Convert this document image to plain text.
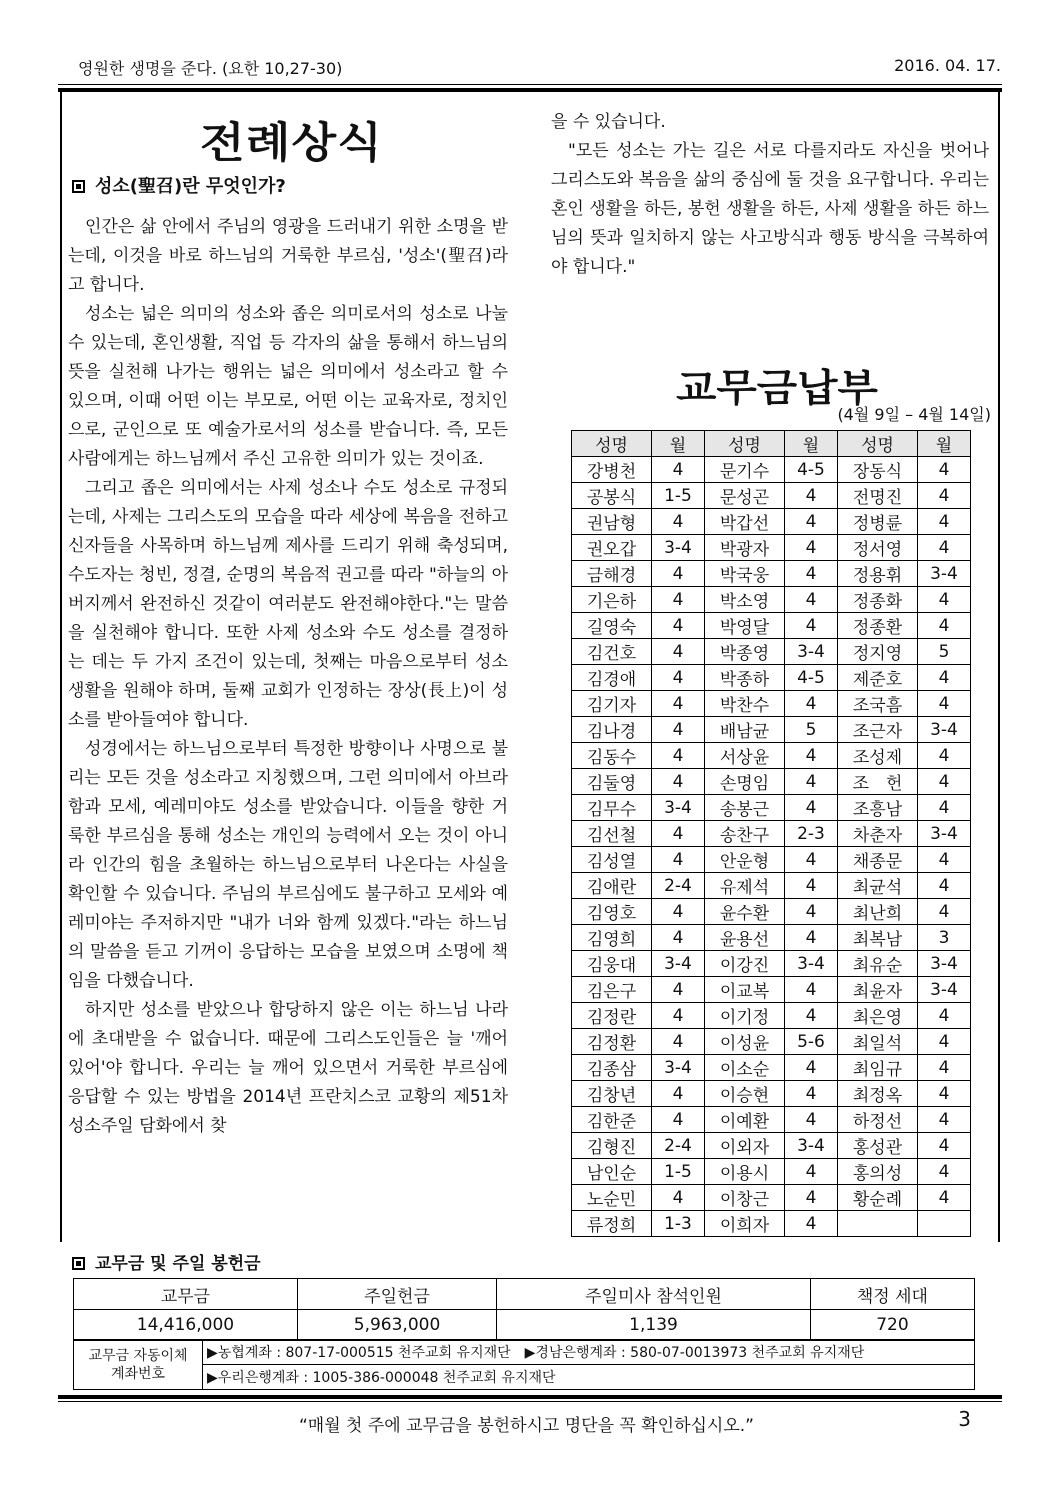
영원한 생명을 준다. (요한 10,27-30)	2016. 04. 17.
전례상식
성소(聖召)란 무엇인가?

인간은 삶 안에서 주님의 영광을 드러내기 위한 소명을 받는데, 이것을 바로 하느님의 거룩한 부르심, '성소'(聖召)라고 합니다.

성소는 넓은 의미의 성소와 좁은 의미로서의 성소로 나눌 수 있는데, 혼인생활, 직업 등 각자의 삶을 통해서 하느님의 뜻을 실천해 나가는 행위는 넓은 의미에서 성소라고 할 수 있으며, 이때 어떤 이는 부모로, 어떤 이는 교육자로, 정치인으로, 군인으로 또 예술가로서의 성소를 받습니다. 즉, 모든 사람에게는 하느님께서 주신 고유한 의미가 있는 것이죠.

그리고 좁은 의미에서는 사제 성소나 수도 성소로 규정되는데, 사제는 그리스도의 모습을 따라 세상에 복음을 전하고 신자들을 사목하며 하느님께 제사를 드리기 위해 축성되며, 수도자는 청빈, 정결, 순명의 복음적 권고를 따라 "하늘의 아버지께서 완전하신 것같이 여러분도 완전해야한다."는 말씀을 실천해야 합니다. 또한 사제 성소와 수도 성소를 결정하는 데는 두 가지 조건이 있는데, 첫째는 마음으로부터 성소 생활을 원해야 하며, 둘째 교회가 인정하는 장상(長上)이 성소를 받아들여야 합니다.

성경에서는 하느님으로부터 특정한 방향이나 사명으로 불리는 모든 것을 성소라고 지칭했으며, 그런 의미에서 아브라함과 모세, 예레미야도 성소를 받았습니다. 이들을 향한 거룩한 부르심을 통해 성소는 개인의 능력에서 오는 것이 아니라 인간의 힘을 초월하는 하느님으로부터 나온다는 사실을 확인할 수 있습니다. 주님의 부르심에도 불구하고 모세와 예레미야는 주저하지만 "내가 너와 함께 있겠다."라는 하느님의 말씀을 듣고 기꺼이 응답하는 모습을 보였으며 소명에 책임을 다했습니다.

하지만 성소를 받았으나 합당하지 않은 이는 하느님 나라에 초대받을 수 없습니다. 때문에 그리스도인들은 늘 '깨어 있어'야 합니다. 우리는 늘 깨어 있으면서 거룩한 부르심에 응답할 수 있는 방법을 2014년 프란치스코 교황의 제51차 성소주일 담화에서 찾

을 수 있습니다.

"모든 성소는 가는 길은 서로 다를지라도 자신을 벗어나 그리스도와 복음을 삶의 중심에 둘 것을 요구합니다. 우리는 혼인 생활을 하든, 봉헌 생활을 하든, 사제 생활을 하든 하느님의 뜻과 일치하지 않는 사고방식과 행동 방식을 극복하여야 합니다."

교무금납부
(4월 9일 – 4월 14일)
성명	월	성명	월	성명	월
강병천	4	문기수	4-5	장동식	4
공봉식	1-5	문성곤	4	전명진	4
권남형	4	박갑선	4	정병륜	4
권오갑	3-4	박광자	4	정서영	4
금해경	4	박국웅	4	정용휘	3-4
기은하	4	박소영	4	정종화	4
길영숙	4	박영달	4	정종환	4
김건호	4	박종영	3-4	정지영	5
김경애	4	박종하	4-5	제준호	4
김기자	4	박찬수	4	조국흠	4
김나경	4	배남균	5	조근자	3-4
김동수	4	서상윤	4	조성제	4
김둘영	4	손명임	4	조　헌	4
김무수	3-4	송봉근	4	조흥남	4
김선철	4	송찬구	2-3	차춘자	3-4
김성열	4	안운형	4	채종문	4
김애란	2-4	유제석	4	최균석	4
김영호	4	윤수환	4	최난희	4
김영희	4	윤용선	4	최복남	3
김웅대	3-4	이강진	3-4	최유순	3-4
김은구	4	이교복	4	최윤자	3-4
김정란	4	이기정	4	최은영	4
김정환	4	이성윤	5-6	최일석	4
김종삼	3-4	이소순	4	최임규	4
김창년	4	이승현	4	최정옥	4
김한준	4	이예환	4	하정선	4
김형진	2-4	이외자	3-4	홍성관	4
남인순	1-5	이용시	4	홍의성	4
노순민	4	이창근	4	황순례	4
류정희	1-3	이희자	4		
교무금 및 주일 봉헌금
교무금	주일헌금	주일미사 참석인원	책정 세대
14,416,000	5,963,000	1,139	720
교무금 자동이체
계좌번호	▶농협계좌 : 807-17-000515 천주교회 유지재단　▶경남은행계좌 : 580-07-0013973 천주교회 유지재단
▶우리은행계좌 : 1005-386-000048 천주교회 유지재단
“매월 첫 주에 교무금을 봉헌하시고 명단을 꼭 확인하십시오.”	3
